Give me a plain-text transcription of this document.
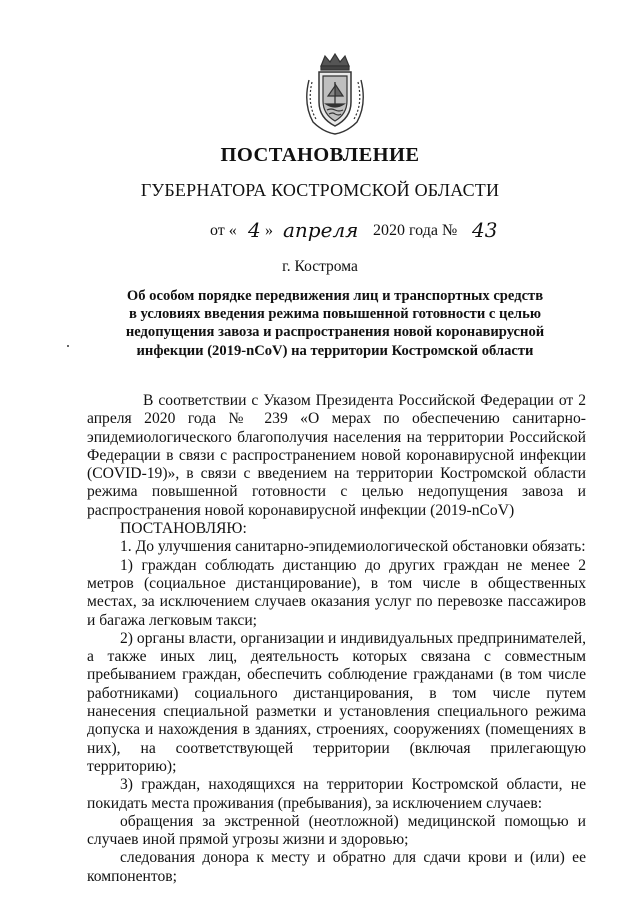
ПОСТАНОВЛЕНИЕ
ГУБЕРНАТОРА КОСТРОМСКОЙ ОБЛАСТИ
от « 4 » апреля 2020 года № 43
г. Кострома
Об особом порядке передвижения лиц и транспортных средств
в условиях введения режима повышенной готовности с целью
недопущения завоза и распространения новой коронавирусной
инфекции (2019-nCoV) на территории Костромской области

В соответствии с Указом Президента Российской Федерации от 2 апреля 2020 года № 239 «О мерах по обеспечению санитарно-эпидемиологического благополучия населения на территории Российской Федерации в связи с распространением новой коронавирусной инфекции (COVID-19)», в связи с введением на территории Костромской области режима повышенной готовности с целью недопущения завоза и распространения новой коронавирусной инфекции (2019-nCoV)

ПОСТАНОВЛЯЮ:

1. До улучшения санитарно-эпидемиологической обстановки обязать:

1) граждан соблюдать дистанцию до других граждан не менее 2 метров (социальное дистанцирование), в том числе в общественных местах, за исключением случаев оказания услуг по перевозке пассажиров и багажа легковым такси;

2) органы власти, организации и индивидуальных предпринимателей, а также иных лиц, деятельность которых связана с совместным пребыванием граждан, обеспечить соблюдение гражданами (в том числе работниками) социального дистанцирования, в том числе путем нанесения специальной разметки и установления специального режима допуска и нахождения в зданиях, строениях, сооружениях (помещениях в них), на соответствующей территории (включая прилегающую территорию);

3) граждан, находящихся на территории Костромской области, не покидать места проживания (пребывания), за исключением случаев:

обращения за экстренной (неотложной) медицинской помощью и случаев иной прямой угрозы жизни и здоровью;

следования донора к месту и обратно для сдачи крови и (или) ее компонентов;
